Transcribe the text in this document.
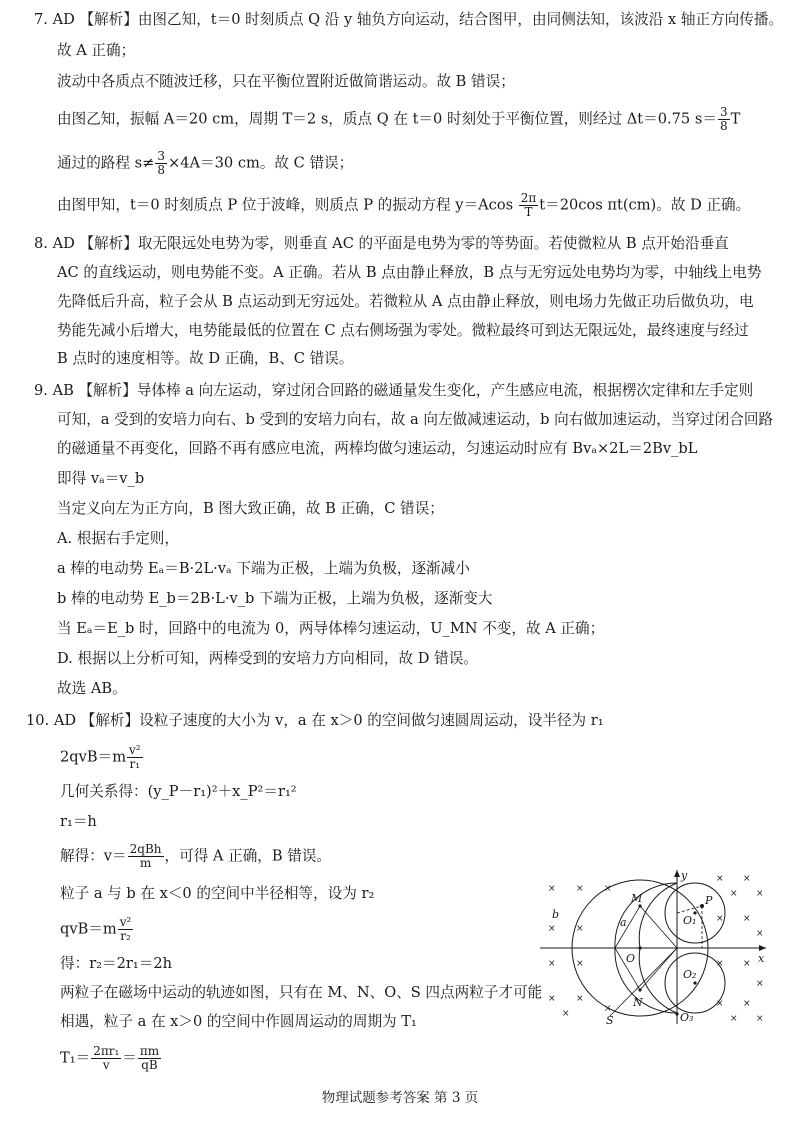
7. AD 【解析】由图乙知，t＝0 时刻质点 Q 沿 y 轴负方向运动，结合图甲，由同侧法知，该波沿 x 轴正方向传播。
故 A 正确；
波动中各质点不随波迁移，只在平衡位置附近做简谐运动。故 B 错误；
由图乙知，振幅 A＝20 cm，周期 T＝2 s，质点 Q 在 t＝0 时刻处于平衡位置，则经过 Δt＝0.75 $s= \frac{3}{8}$ T
通过的路程 $s\ne \frac{3}{8} \times 4A=30$ cm。故 C 错误；
由图甲知，t＝0 时刻质点 P 位于波峰，则质点 P 的振动方程 $y=Acos \frac{2\pi}{T} t=20\cos$ πt(cm)。故 D 正确。
8. AD 【解析】取无限远处电势为零，则垂直 AC 的平面是电势为零的等势面。若使微粒从 B 点开始沿垂直
AC 的直线运动，则电势能不变。A 正确。若从 B 点由静止释放，B 点与无穷远处电势均为零，中轴线上电势
先降低后升高，粒子会从 B 点运动到无穷远处。若微粒从 A 点由静止释放，则电场力先做正功后做负功，电
势能先减小后增大，电势能最低的位置在 C 点右侧场强为零处。微粒最终可到达无限远处，最终速度与经过
B 点时的速度相等。故 D 正确，B、C 错误。
9. AB 【解析】导体棒 a 向左运动，穿过闭合回路的磁通量发生变化，产生感应电流，根据楞次定律和左手定则
可知，a 受到的安培力向右、b 受到的安培力向右，故 a 向左做减速运动，b 向右做加速运动，当穿过闭合回路
的磁通量不再变化，回路不再有感应电流，两棒均做匀速运动，匀速运动时应有 Bvₐ×2L＝2Bv_bL
即得 vₐ＝v_b
当定义向左为正方向，B 图大致正确，故 B 正确，C 错误；
A. 根据右手定则，
a 棒的电动势 Eₐ＝B·2L·vₐ 下端为正极，上端为负极，逐渐减小
b 棒的电动势 E_b＝2B·L·v_b 下端为正极，上端为负极，逐渐变大
当 Eₐ＝E_b 时，回路中的电流为 0，两导体棒匀速运动，U_MN 不变，故 A 正确；
D. 根据以上分析可知，两棒受到的安培力方向相同，故 D 错误。
故选 AB。
10. AD 【解析】设粒子速度的大小为 v，a 在 x＞0 的空间做匀速圆周运动，设半径为 r₁
$2qvB=m \frac{\text{v²}}{\text{r₁}}$
几何关系得：(y_P－r₁)²＋x_P²＝r₁²
r₁＝h
解得：$v= \frac{\text{2qBh}}{m}$ ，可得 A 正确，B 错误。
粒子 a 与 b 在 x＜0 的空间中半径相等，设为 r₂
$qvB=m \frac{\text{v²}}{\text{r₂}}$
得：r₂＝2r₁＝2h
两粒子在磁场中运动的轨迹如图，只有在 M、N、O、S 四点两粒子才可能
相遇，粒子 a 在 x＞0 的空间中作圆周运动的周期为 T₁
$T_1= \frac{\text{2πr₁}}{v} = \frac{\pi m}{qB}$
× × ×
× ×
× ×
× ×
× ×
×
× ×	× ×
×
× ×	× ×
× ×
×
×
y
x
P
M
N
O
S
O₁
O₂
O₃
a
b
物理试题参考答案 第 3 页
